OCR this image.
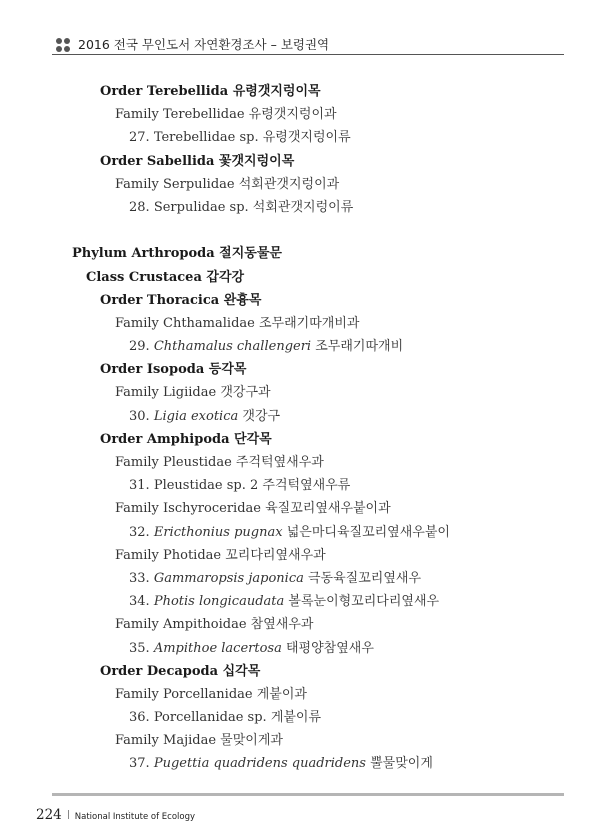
2016 전국 무인도서 자연환경조사 – 보령권역
Order Terebellida 유령갯지렁이목
Family Terebellidae 유령갯지렁이과
27. Terebellidae sp. 유령갯지렁이류
Order Sabellida 꽃갯지렁이목
Family Serpulidae 석회관갯지렁이과
28. Serpulidae sp. 석회관갯지렁이류
Phylum Arthropoda 절지동물문
Class Crustacea 갑각강
Order Thoracica 완흉목
Family Chthamalidae 조무래기따개비과
29. Chthamalus challengeri 조무래기따개비
Order Isopoda 등각목
Family Ligiidae 갯강구과
30. Ligia exotica 갯강구
Order Amphipoda 단각목
Family Pleustidae 주걱턱옆새우과
31. Pleustidae sp. 2 주걱턱옆새우류
Family Ischyroceridae 육질꼬리옆새우붙이과
32. Ericthonius pugnax 넓은마디육질꼬리옆새우붙이
Family Photidae 꼬리다리옆새우과
33. Gammaropsis japonica 극동육질꼬리옆새우
34. Photis longicaudata 볼록눈이형꼬리다리옆새우
Family Ampithoidae 참옆새우과
35. Ampithoe lacertosa 태평양참옆새우
Order Decapoda 십각목
Family Porcellanidae 게붙이과
36. Porcellanidae sp. 게붙이류
Family Majidae 물맞이게과
37. Pugettia quadridens quadridens 뿔물맞이게
224 National Institute of Ecology
